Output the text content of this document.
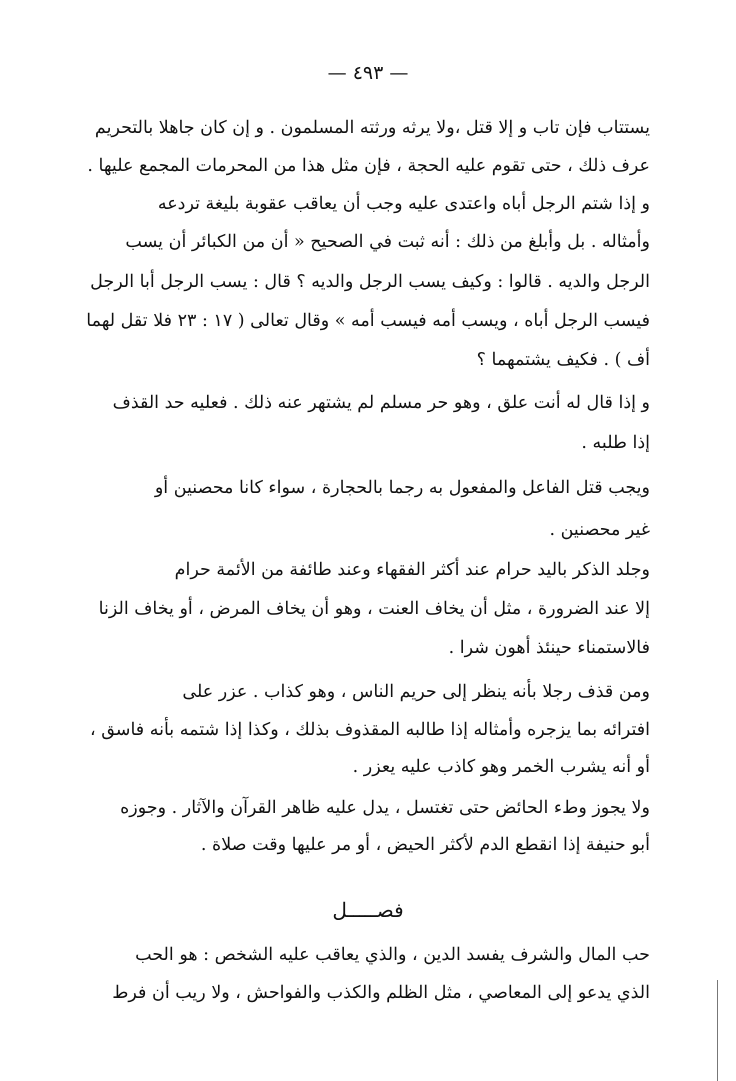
— ٤٩٣ —
يستتاب فإن تاب و إلا قتل ،ولا يرثه ورثته المسلمون . و إن كان جاهلا بالتحريم
عرف ذلك ، حتى تقوم عليه الحجة ، فإن مثل هذا من المحرمات المجمع عليها .
و إذا شتم الرجل أباه واعتدى عليه وجب أن يعاقب عقوبة بليغة تردعه
وأمثاله . بل وأبلغ من ذلك : أنه ثبت في الصحيح « أن من الكبائر أن يسب
الرجل والديه . قالوا : وكيف يسب الرجل والديه ؟ قال : يسب الرجل أبا الرجل
فيسب الرجل أباه ، ويسب أمه فيسب أمه » وقال تعالى ( ١٧ : ٢٣ فلا تقل لهما
أف ) . فكيف يشتمهما ؟
و إذا قال له أنت علق ، وهو حر مسلم لم يشتهر عنه ذلك . فعليه حد القذف
إذا طلبه .
ويجب قتل الفاعل والمفعول به رجما بالحجارة ، سواء كانا محصنين أو
غير محصنين .
وجلد الذكر باليد حرام عند أكثر الفقهاء وعند طائفة من الأئمة حرام
إلا عند الضرورة ، مثل أن يخاف العنت ، وهو أن يخاف المرض ، أو يخاف الزنا
فالاستمناء حينئذ أهون شرا .
ومن قذف رجلا بأنه ينظر إلى حريم الناس ، وهو كذاب . عزر على
افترائه بما يزجره وأمثاله إذا طالبه المقذوف بذلك ، وكذا إذا شتمه بأنه فاسق ،
أو أنه يشرب الخمر وهو كاذب عليه يعزر .
ولا يجوز وطء الحائض حتى تغتسل ، يدل عليه ظاهر القرآن والآثار . وجوزه
أبو حنيفة إذا انقطع الدم لأكثر الحيض ، أو مر عليها وقت صلاة .
حب المال والشرف يفسد الدين ، والذي يعاقب عليه الشخص : هو الحب
الذي يدعو إلى المعاصي ، مثل الظلم والكذب والفواحش ، ولا ريب أن فرط
فصـــــل
